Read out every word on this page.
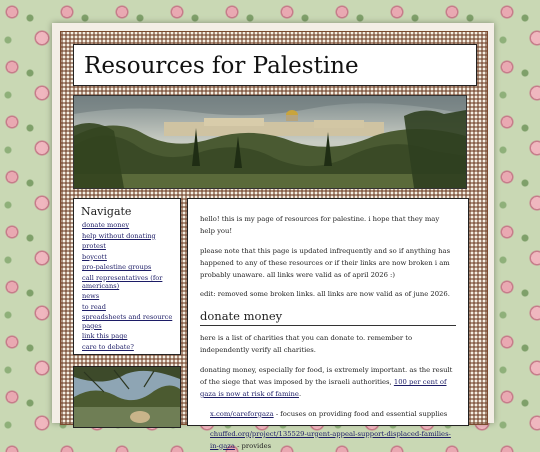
Resources for Palestine
Navigate
donate money
help without donating
protest
boycott
pro-palestine groups
call representatives (for americans)
news
to read
spreadsheets and resource pages
link this page
care to debate?

hello! this is my page of resources for palestine. i hope that they may help you!

please note that this page is updated infrequently and so if anything has happened to any of these resources or if their links are now broken i am probably unaware. all links were valid as of april 2026 :)

edit: removed some broken links. all links are now valid as of june 2026.

donate money

here is a list of charities that you can donate to. remember to independently verify all charities.

donating money, especially for food, is extremely important. as the result of the siege that was imposed by the israeli authorities, 100 per cent of gaza is now at risk of famine.

x.com/careforgaza - focuses on providing food and essential supplies

chuffed.org/project/135529-urgent-appeal-support-displaced-families-in-gaza - provides
